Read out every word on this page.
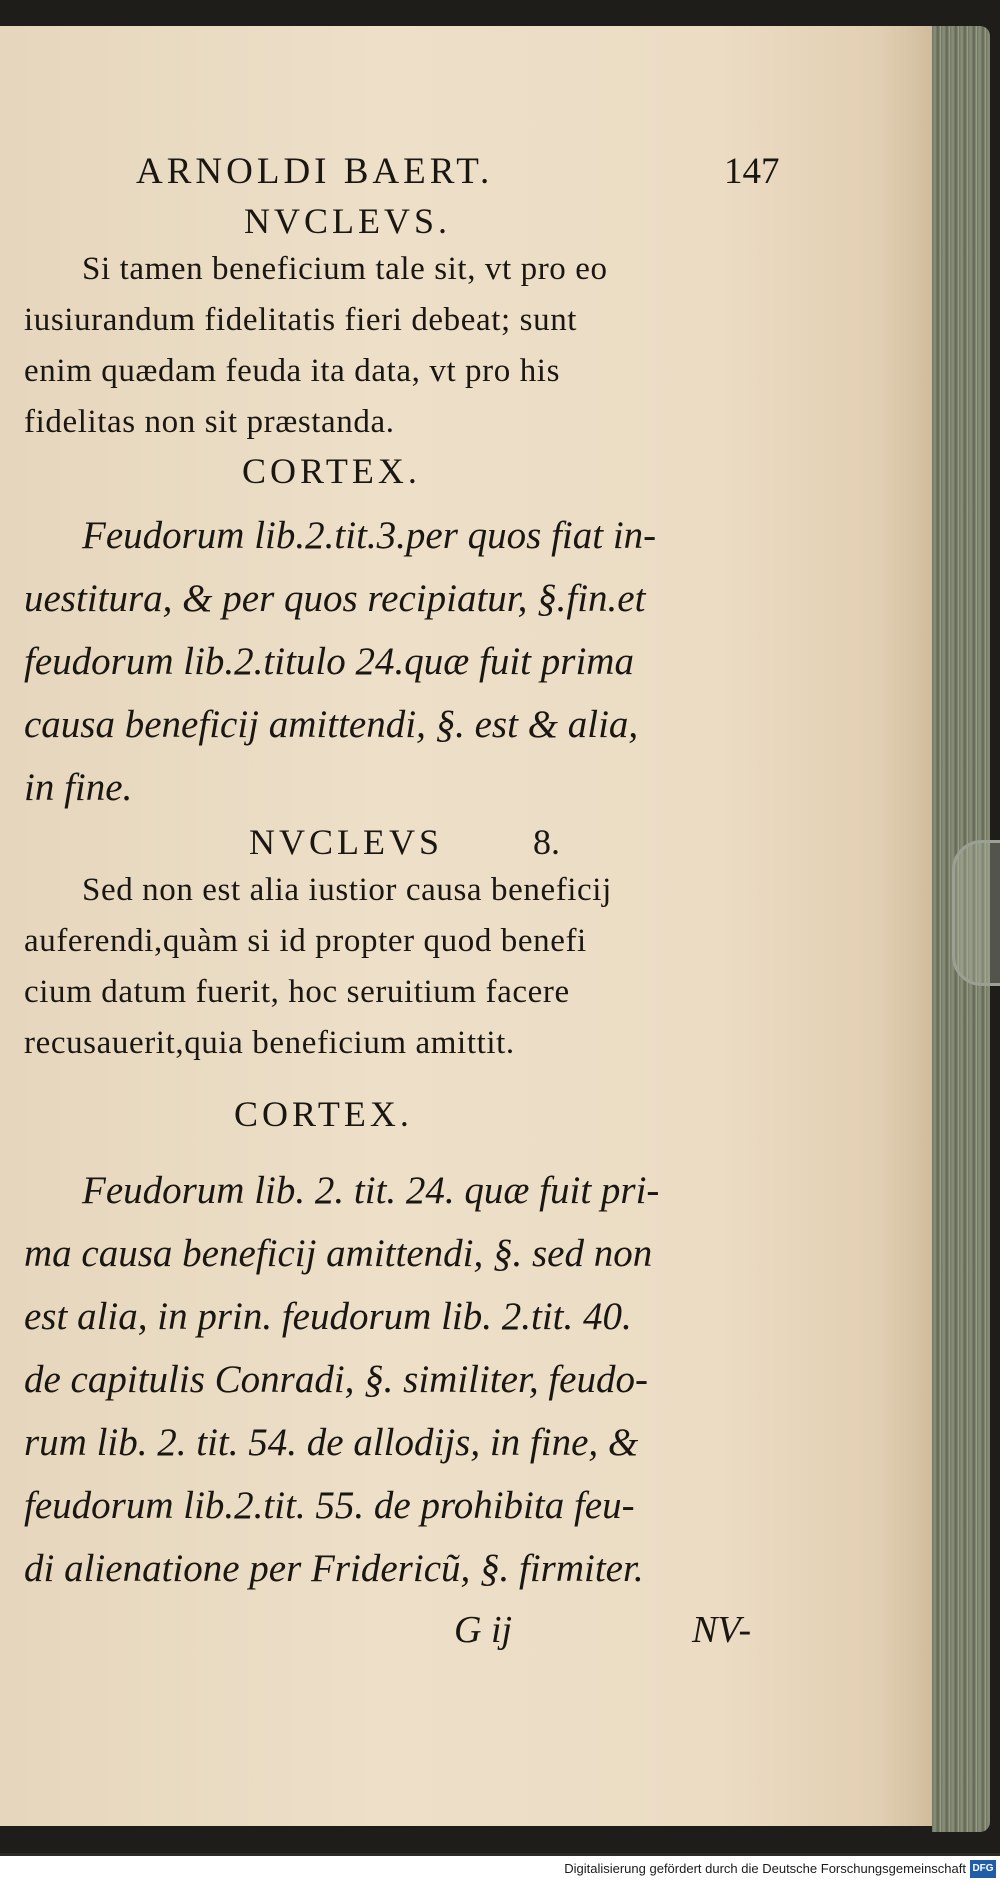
ARNOLDI BAERT.	147
NVCLEVS.
Si tamen beneficium tale sit, vt pro eo
iusiurandum fidelitatis fieri debeat; sunt
enim quædam feuda ita data, vt pro his
fidelitas non sit præstanda.
CORTEX.
Feudorum lib.2.tit.3.per quos fiat in-
uestitura, & per quos recipiatur, §.fin.et
feudorum lib.2.titulo 24.quæ fuit prima
causa beneficij amittendi, §. est & alia,
in fine.
NVCLEVS	8.
Sed non est alia iustior causa beneficij
auferendi,quàm si id propter quod benefi
cium datum fuerit, hoc seruitium facere
recusauerit,quia beneficium amittit.
CORTEX.
Feudorum lib. 2. tit. 24. quæ fuit pri-
ma causa beneficij amittendi, §. sed non
est alia, in prin. feudorum lib. 2.tit. 40.
de capitulis Conradi, §. similiter, feudo-
rum lib. 2. tit. 54. de allodijs, in fine, &
feudorum lib.2.tit. 55. de prohibita feu-
di alienatione per Fridericũ, §. firmiter.
G ij	NV-
Digitalisierung gefördert durch die Deutsche Forschungsgemeinschaft DFG
